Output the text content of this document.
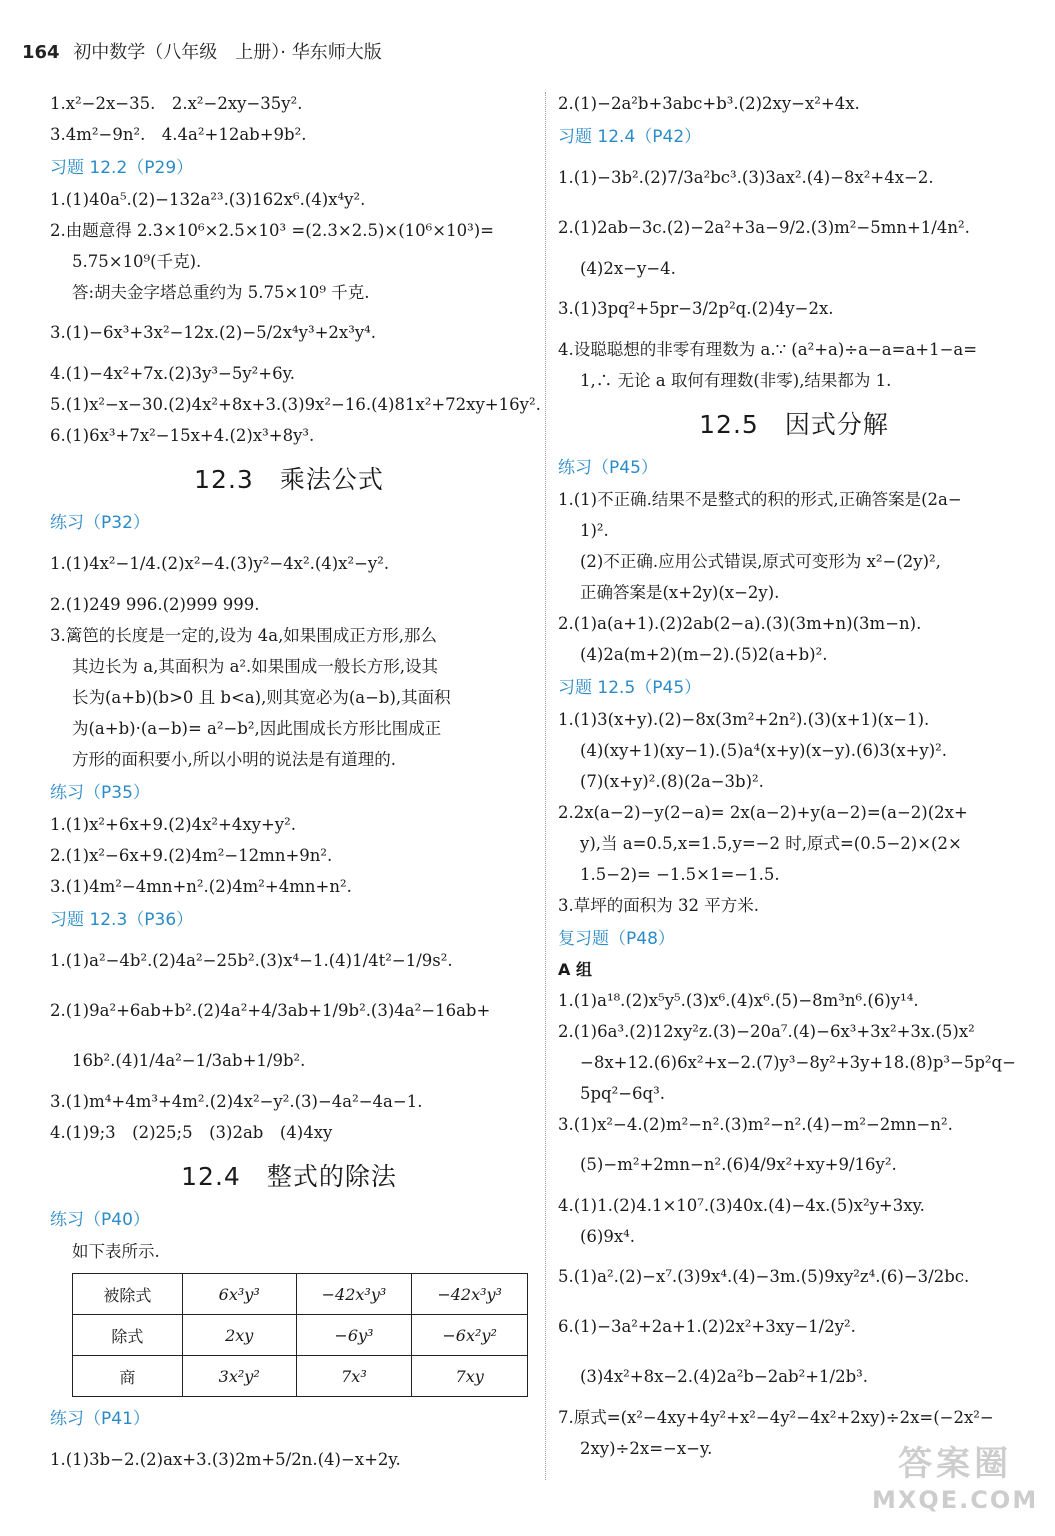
164 初中数学（八年级　上册）· 华东师大版
1.x²−2x−35.　2.x²−2xy−35y².
3.4m²−9n².　4.4a²+12ab+9b².
习题 12.2（P29）
1.(1)40a⁵.(2)−132a²³.(3)162x⁶.(4)x⁴y².
2.由题意得 2.3×10⁶×2.5×10³ =(2.3×2.5)×(10⁶×10³)=
5.75×10⁹(千克).
答:胡夫金字塔总重约为 5.75×10⁹ 千克.
3.(1)−6x³+3x²−12x.(2)−5/2x⁴y³+2x³y⁴.
4.(1)−4x²+7x.(2)3y³−5y²+6y.
5.(1)x²−x−30.(2)4x²+8x+3.(3)9x²−16.(4)81x²+72xy+16y².
6.(1)6x³+7x²−15x+4.(2)x³+8y³.
12.3 乘法公式
练习（P32）
1.(1)4x²−1/4.(2)x²−4.(3)y²−4x².(4)x²−y².
2.(1)249 996.(2)999 999.
3.篱笆的长度是一定的,设为 4a,如果围成正方形,那么
其边长为 a,其面积为 a².如果围成一般长方形,设其
长为(a+b)(b>0 且 b<a),则其宽必为(a−b),其面积
为(a+b)·(a−b)= a²−b²,因此围成长方形比围成正
方形的面积要小,所以小明的说法是有道理的.
练习（P35）
1.(1)x²+6x+9.(2)4x²+4xy+y².
2.(1)x²−6x+9.(2)4m²−12mn+9n².
3.(1)4m²−4mn+n².(2)4m²+4mn+n².
习题 12.3（P36）
1.(1)a²−4b².(2)4a²−25b².(3)x⁴−1.(4)1/4t²−1/9s².
2.(1)9a²+6ab+b².(2)4a²+4/3ab+1/9b².(3)4a²−16ab+
16b².(4)1/4a²−1/3ab+1/9b².
3.(1)m⁴+4m³+4m².(2)4x²−y².(3)−4a²−4a−1.
4.(1)9;3　(2)25;5　(3)2ab　(4)4xy
12.4 整式的除法
练习（P40）
如下表所示.
被除式	6x³y³	−42x³y³	−42x³y³
除式	2xy	−6y³	−6x²y²
商	3x²y²	7x³	7xy
练习（P41）
1.(1)3b−2.(2)ax+3.(3)2m+5/2n.(4)−x+2y.
2.(1)−2a²b+3abc+b³.(2)2xy−x²+4x.
习题 12.4（P42）
1.(1)−3b².(2)7/3a²bc³.(3)3ax².(4)−8x²+4x−2.
2.(1)2ab−3c.(2)−2a²+3a−9/2.(3)m²−5mn+1/4n².
(4)2x−y−4.
3.(1)3pq²+5pr−3/2p²q.(2)4y−2x.
4.设聪聪想的非零有理数为 a.∵ (a²+a)÷a−a=a+1−a=
1,∴ 无论 a 取何有理数(非零),结果都为 1.
12.5 因式分解
练习（P45）
1.(1)不正确.结果不是整式的积的形式,正确答案是(2a−
1)².
(2)不正确.应用公式错误,原式可变形为 x²−(2y)²,
正确答案是(x+2y)(x−2y).
2.(1)a(a+1).(2)2ab(2−a).(3)(3m+n)(3m−n).
(4)2a(m+2)(m−2).(5)2(a+b)².
习题 12.5（P45）
1.(1)3(x+y).(2)−8x(3m²+2n²).(3)(x+1)(x−1).
(4)(xy+1)(xy−1).(5)a⁴(x+y)(x−y).(6)3(x+y)².
(7)(x+y)².(8)(2a−3b)².
2.2x(a−2)−y(2−a)= 2x(a−2)+y(a−2)=(a−2)(2x+
y),当 a=0.5,x=1.5,y=−2 时,原式=(0.5−2)×(2×
1.5−2)= −1.5×1=−1.5.
3.草坪的面积为 32 平方米.
复习题（P48）
A 组
1.(1)a¹⁸.(2)x⁵y⁵.(3)x⁶.(4)x⁶.(5)−8m³n⁶.(6)y¹⁴.
2.(1)6a³.(2)12xy²z.(3)−20a⁷.(4)−6x³+3x²+3x.(5)x²
−8x+12.(6)6x²+x−2.(7)y³−8y²+3y+18.(8)p³−5p²q−
5pq²−6q³.
3.(1)x²−4.(2)m²−n².(3)m²−n².(4)−m²−2mn−n².
(5)−m²+2mn−n².(6)4/9x²+xy+9/16y².
4.(1)1.(2)4.1×10⁷.(3)40x.(4)−4x.(5)x²y+3xy.
(6)9x⁴.
5.(1)a².(2)−x⁷.(3)9x⁴.(4)−3m.(5)9xy²z⁴.(6)−3/2bc.
6.(1)−3a²+2a+1.(2)2x²+3xy−1/2y².
(3)4x²+8x−2.(4)2a²b−2ab²+1/2b³.
7.原式=(x²−4xy+4y²+x²−4y²−4x²+2xy)÷2x=(−2x²−
2xy)÷2x=−x−y.	答案圈
MXQE.COM
